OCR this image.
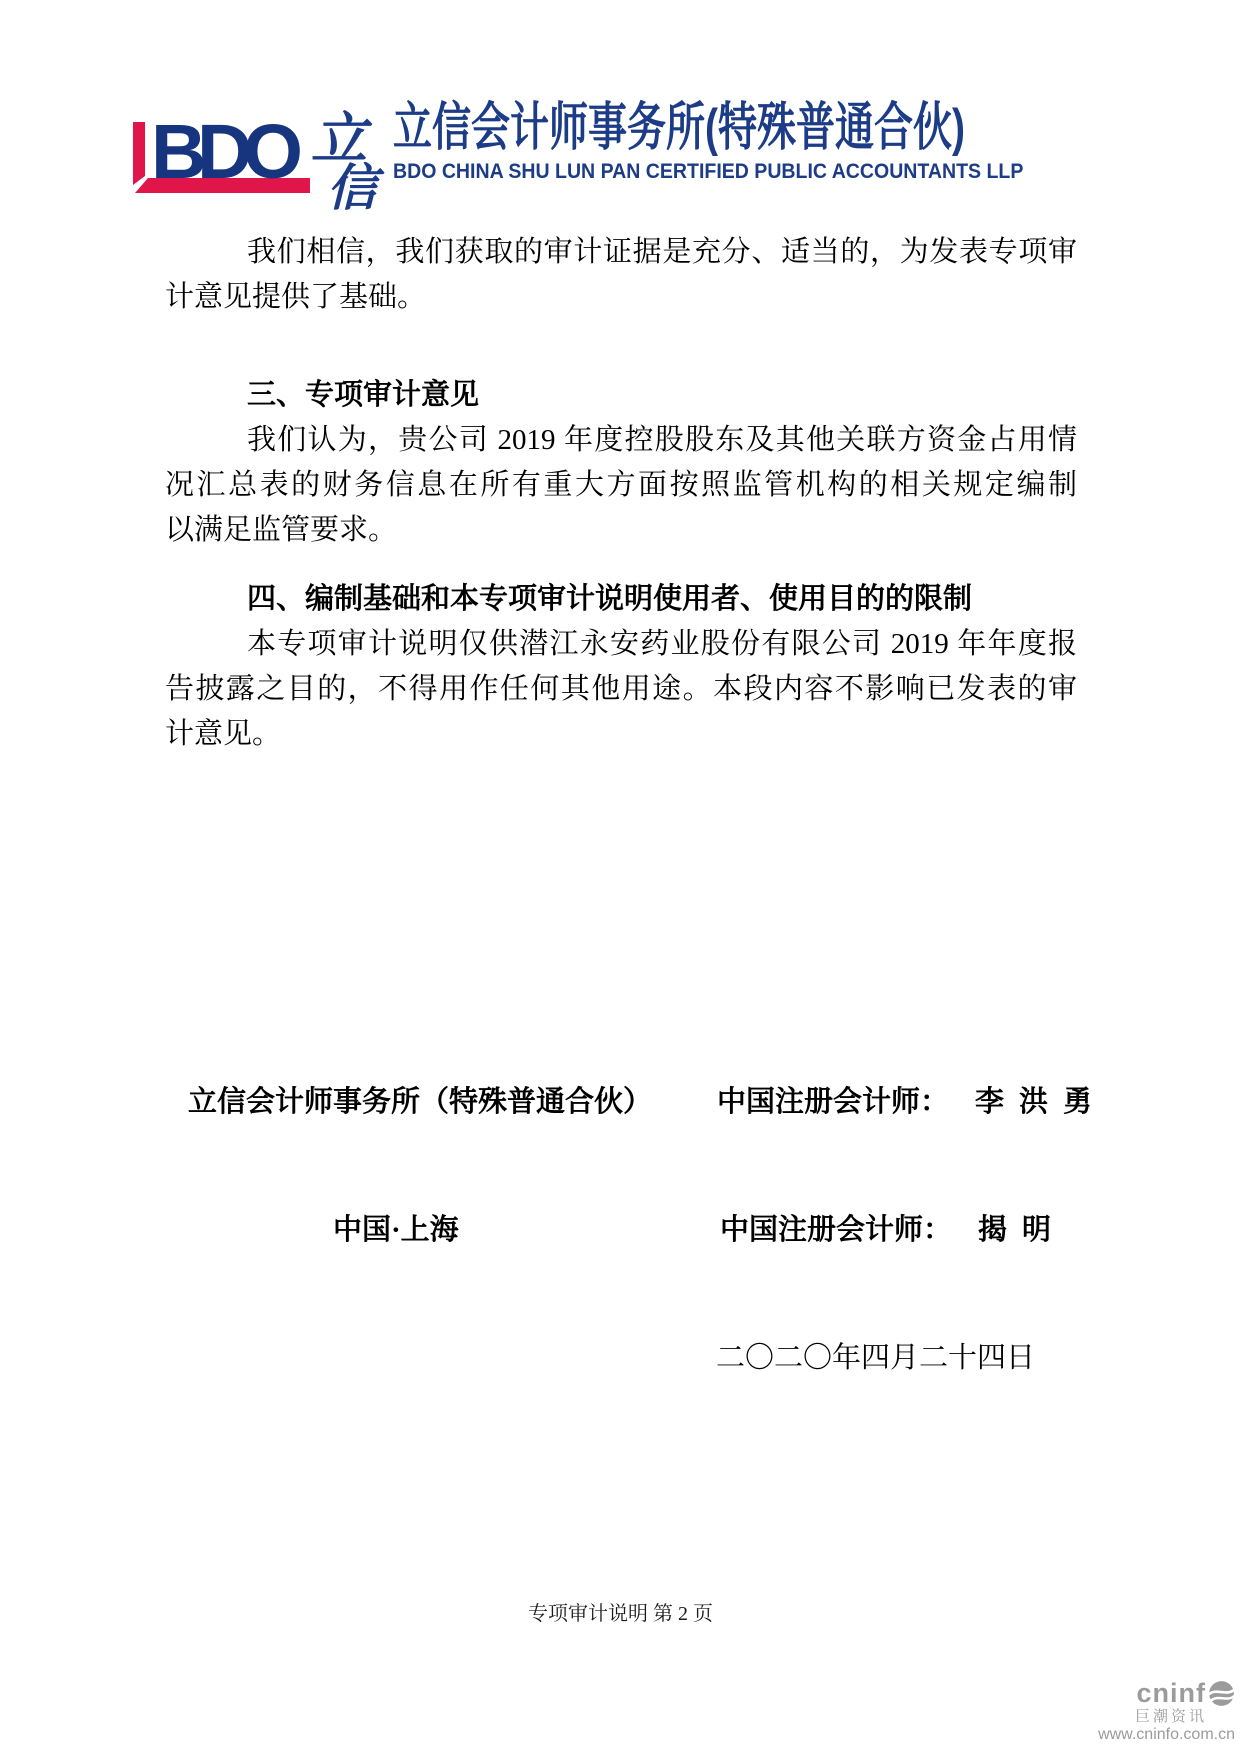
BDO 立
信
立信会计师事务所(特殊普通合伙)
BDO CHINA SHU LUN PAN CERTIFIED PUBLIC ACCOUNTANTS LLP
我们相信，我们获取的审计证据是充分、适当的，为发表专项审
计意见提供了基础。
三、专项审计意见
我们认为，贵公司 2019 年度控股股东及其他关联方资金占用情
况汇总表的财务信息在所有重大方面按照监管机构的相关规定编制
以满足监管要求。
四、编制基础和本专项审计说明使用者、使用目的的限制
本专项审计说明仅供潜江永安药业股份有限公司 2019 年年度报
告披露之目的，不得用作任何其他用途。本段内容不影响已发表的审
计意见。
立信会计师事务所（特殊普通合伙） 中国注册会计师： 李洪勇
中国·上海	中国注册会计师： 揭明
二〇二〇年四月二十四日
专项审计说明 第 2 页
cninf
巨潮资讯
www.cninfo.com.cn
